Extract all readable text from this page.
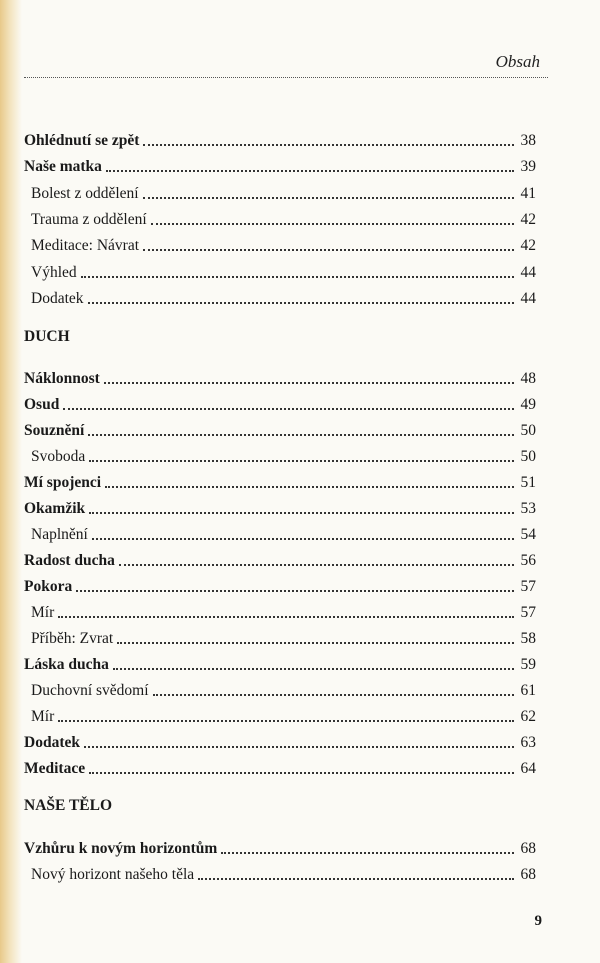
Obsah
DUCH
NAŠE TĚLO
Ohlédnutí se zpět	38
Naše matka	39
Bolest z oddělení	41
Trauma z oddělení	42
Meditace: Návrat	42
Výhled	44
Dodatek	44
Náklonnost	48
Osud	49
Souznění	50
Svoboda	50
Mí spojenci	51
Okamžik	53
Naplnění	54
Radost ducha	56
Pokora	57
Mír	57
Příběh: Zvrat	58
Láska ducha	59
Duchovní svědomí	61
Mír	62
Dodatek	63
Meditace	64
Vzhůru k novým horizontům	68
Nový horizont našeho těla	68
9
